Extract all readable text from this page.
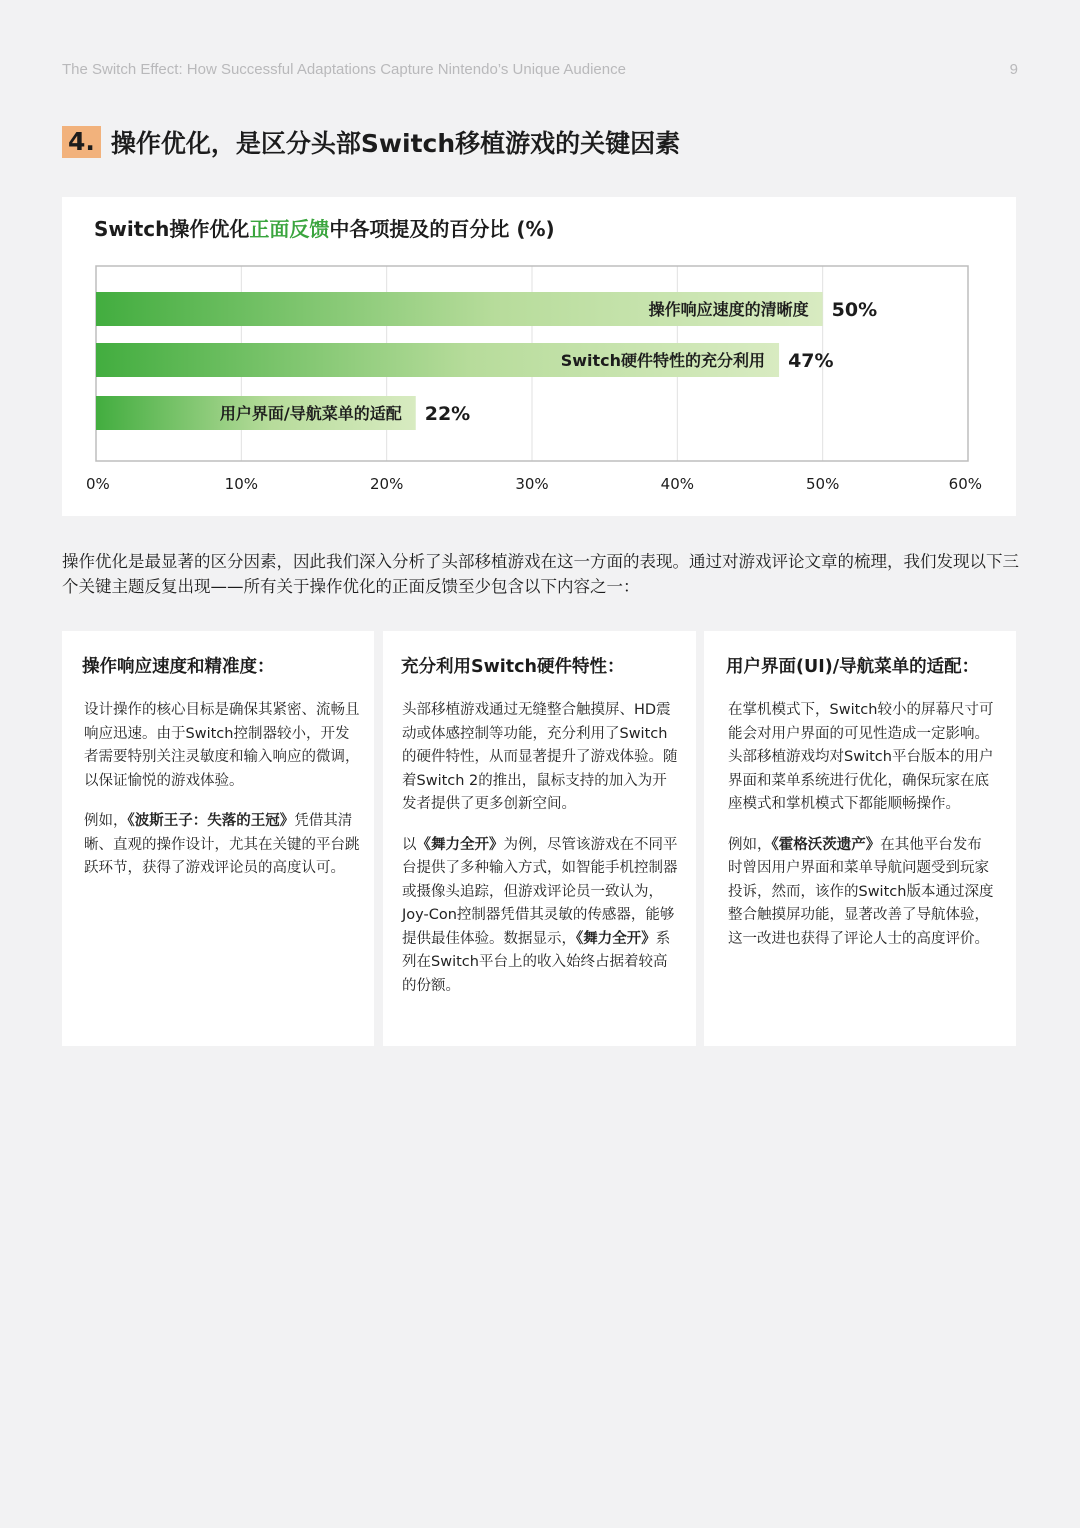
The Switch Effect: How Successful Adaptations Capture Nintendo’s Unique Audience	9
4. 操作优化，是区分头部Switch移植游戏的关键因素
Switch操作优化正面反馈中各项提及的百分比 (%)
操作响应速度的清晰度 50%
Switch硬件特性的充分利用 47%
用户界面/导航菜单的适配 22%
0%	10%	20%	30%	40%	50%	60%

操作优化是最显著的区分因素，因此我们深入分析了头部移植游戏在这一方面的表现。通过对游戏评论文章的梳理，我们发现以下三个关键主题反复出现——所有关于操作优化的正面反馈至少包含以下内容之一：

操作响应速度和精准度：

设计操作的核心目标是确保其紧密、流畅且响应迅速。由于Switch控制器较小，开发者需要特别关注灵敏度和输入响应的微调，以保证愉悦的游戏体验。

例如，《波斯王子：失落的王冠》凭借其清晰、直观的操作设计，尤其在关键的平台跳跃环节，获得了游戏评论员的高度认可。

充分利用Switch硬件特性：

头部移植游戏通过无缝整合触摸屏、HD震动或体感控制等功能，充分利用了Switch的硬件特性，从而显著提升了游戏体验。随着Switch 2的推出，鼠标支持的加入为开发者提供了更多创新空间。

以《舞力全开》为例，尽管该游戏在不同平台提供了多种输入方式，如智能手机控制器或摄像头追踪，但游戏评论员一致认为，Joy-Con控制器凭借其灵敏的传感器，能够提供最佳体验。数据显示，《舞力全开》系列在Switch平台上的收入始终占据着较高的份额。

用户界面(UI)/导航菜单的适配：

在掌机模式下，Switch较小的屏幕尺寸可能会对用户界面的可见性造成一定影响。头部移植游戏均对Switch平台版本的用户界面和菜单系统进行优化，确保玩家在底座模式和掌机模式下都能顺畅操作。

例如，《霍格沃茨遗产》在其他平台发布时曾因用户界面和菜单导航问题受到玩家投诉，然而，该作的Switch版本通过深度整合触摸屏功能，显著改善了导航体验，这一改进也获得了评论人士的高度评价。
